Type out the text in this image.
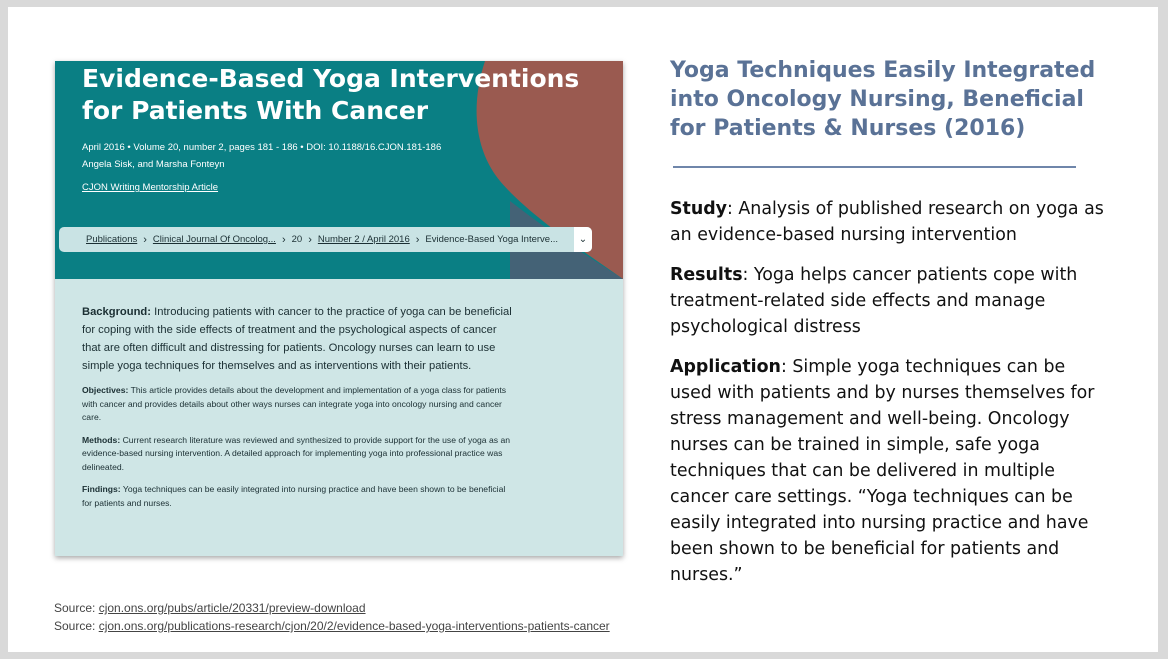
Evidence-Based Yoga Interventions for Patients With Cancer
April 2016 • Volume 20, number 2, pages 181 - 186 • DOI: 10.1188/16.CJON.181-186
Angela Sisk, and Marsha Fonteyn
CJON Writing Mentorship Article
Publications › Clinical Journal Of Oncolog... › 20 › Number 2 / April 2016 › Evidence-Based Yoga Interve...	⌄

Background: Introducing patients with cancer to the practice of yoga can be beneficial for coping with the side effects of treatment and the psychological aspects of cancer that are often difficult and distressing for patients. Oncology nurses can learn to use simple yoga techniques for themselves and as interventions with their patients.

Objectives: This article provides details about the development and implementation of a yoga class for patients with cancer and provides details about other ways nurses can integrate yoga into oncology nursing and cancer care.

Methods: Current research literature was reviewed and synthesized to provide support for the use of yoga as an evidence-based nursing intervention. A detailed approach for implementing yoga into professional practice was delineated.

Findings: Yoga techniques can be easily integrated into nursing practice and have been shown to be beneficial for patients and nurses.

Yoga Techniques Easily Integrated into Oncology Nursing, Beneficial for Patients & Nurses (2016)

Study: Analysis of published research on yoga as an evidence-based nursing intervention

Results: Yoga helps cancer patients cope with treatment-related side effects and manage psychological distress

Application: Simple yoga techniques can be used with patients and by nurses themselves for stress management and well-being. Oncology nurses can be trained in simple, safe yoga techniques that can be delivered in multiple cancer care settings. “Yoga techniques can be easily integrated into nursing practice and have been shown to be beneficial for patients and nurses.”

Source: cjon.ons.org/pubs/article/20331/preview-download
Source: cjon.ons.org/publications-research/cjon/20/2/evidence-based-yoga-interventions-patients-cancer
